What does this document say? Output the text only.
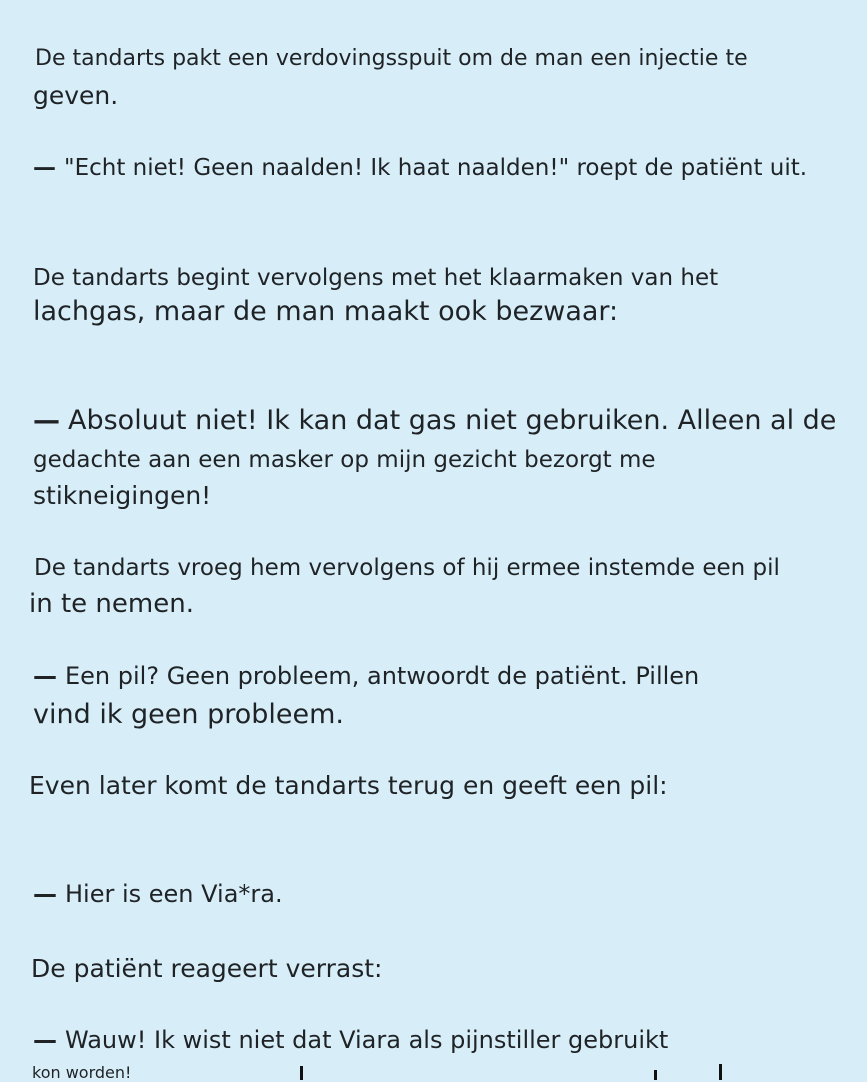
De tandarts pakt een verdovingsspuit om de man een injectie te

geven.

— "Echt niet! Geen naalden! Ik haat naalden!" roept de patiënt uit.

De tandarts begint vervolgens met het klaarmaken van het

lachgas, maar de man maakt ook bezwaar:

— Absoluut niet! Ik kan dat gas niet gebruiken. Alleen al de

gedachte aan een masker op mijn gezicht bezorgt me

stikneigingen!

De tandarts vroeg hem vervolgens of hij ermee instemde een pil

in te nemen.

— Een pil? Geen probleem, antwoordt de patiënt. Pillen

vind ik geen probleem.

Even later komt de tandarts terug en geeft een pil:

— Hier is een Via*ra.

De patiënt reageert verrast:

— Wauw! Ik wist niet dat Viara als pijnstiller gebruikt

kon worden!
